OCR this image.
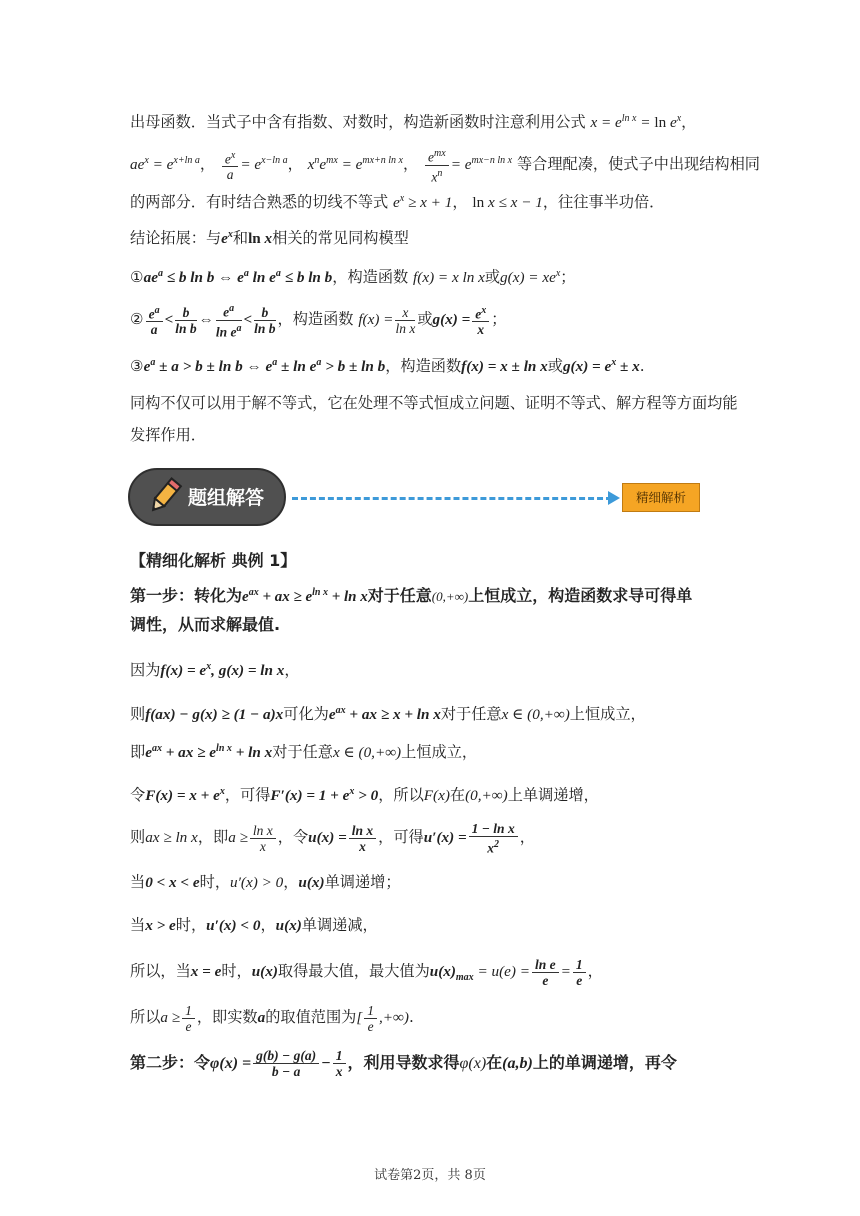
出母函数．当式子中含有指数、对数时，构造新函数时注意利用公式 $x = e^{ln x} = \ln e^x$，
$ae^x = e^{x+ln a}$， $\frac{e^x}{a} = e^{x-ln a}$， $x^ne^{mx} = e^{mx+n ln x}$， $\frac{e^{mx}}{x^n} = e^{mx-n ln x}$ 等合理配凑，使式子中出现结构相同
的两部分．有时结合熟悉的切线不等式 $e^x \ge x + 1$， ln x ≤ x − 1，往往事半功倍．
结论拓展：与$e^x$和ln x相关的常见同构模型
$①ae^a \le b$ ln b ⇔ $e^a$ $\ln e^a \le b$ ln b，构造函数 f(x) = x ln x或$g(x) = xe^x$；
② $\frac{e^a}{a} < \frac{b}{\text{ln b}}$ ⇔ $\frac{e^a}{\ln e^a} < \frac{b}{\text{ln b}}$ ，构造函数 $f(x) = \frac{x}{\text{ln x}}$ 或$g(x) = \frac{e^x}{x}$ ；
$③e^a \pm a > b \pm \ln b$ ⇔ $e^a \pm \ln e^a > b \pm \ln b$，构造函数f(x) = x ± ln x或$g(x) = e^x \pm x$.
同构不仅可以用于解不等式，它在处理不等式恒成立问题、证明不等式、解方程等方面均能
发挥作用．
题组解答	精细解析
【精细化解析 典例 1】
第一步：转化为$e^{ax}$ + ax ≥ $e^{ln x} + \ln x$对于任意(0,+∞)上恒成立，构造函数求导可得单
调性，从而求解最值.
因为$f(x) = e^x$, g(x) = ln x，
则f(ax) − g(x) ≥ (1 − a)x可化为$e^{ax}$ + ax ≥ x + ln x对于任意x ∈ (0,+∞)上恒成立，
即$e^{ax}$ + ax ≥ $e^{ln x} + \ln x$对于任意x ∈ (0,+∞)上恒成立，
令$F(x) = x + e^x$，可得$F'(x) = 1 + e^x > 0$，所以F(x)在(0,+∞)上单调递增，
则ax ≥ ln x，即$a \ge \frac{\text{ln x}}{x}$ ，令$u(x) = \frac{\text{ln x}}{x}$ ，可得$u'(x) = \frac{\text{1 − ln x}}{x^2}$ ，
当0 < x < e时，u′(x) > 0，u(x)单调递增；
当x > e时，u′(x) < 0，u(x)单调递减，
所以，当x = e时，u(x)取得最大值，最大值为$u(x)_{max} = u(e) = \frac{\text{ln e}}{e} = \frac{1}{e}$ ，
所以$a \ge \frac{1}{e}$ ，即实数a的取值范围为[ $\frac{1}{e}$ ,+∞).
第二步：令$\varphi(x) = \frac{g(b) - g(a)}{b - a} - \frac{1}{x}$ ，利用导数求得φ(x)在(a,b)上的单调递增，再令
试卷第2页，共 8页
